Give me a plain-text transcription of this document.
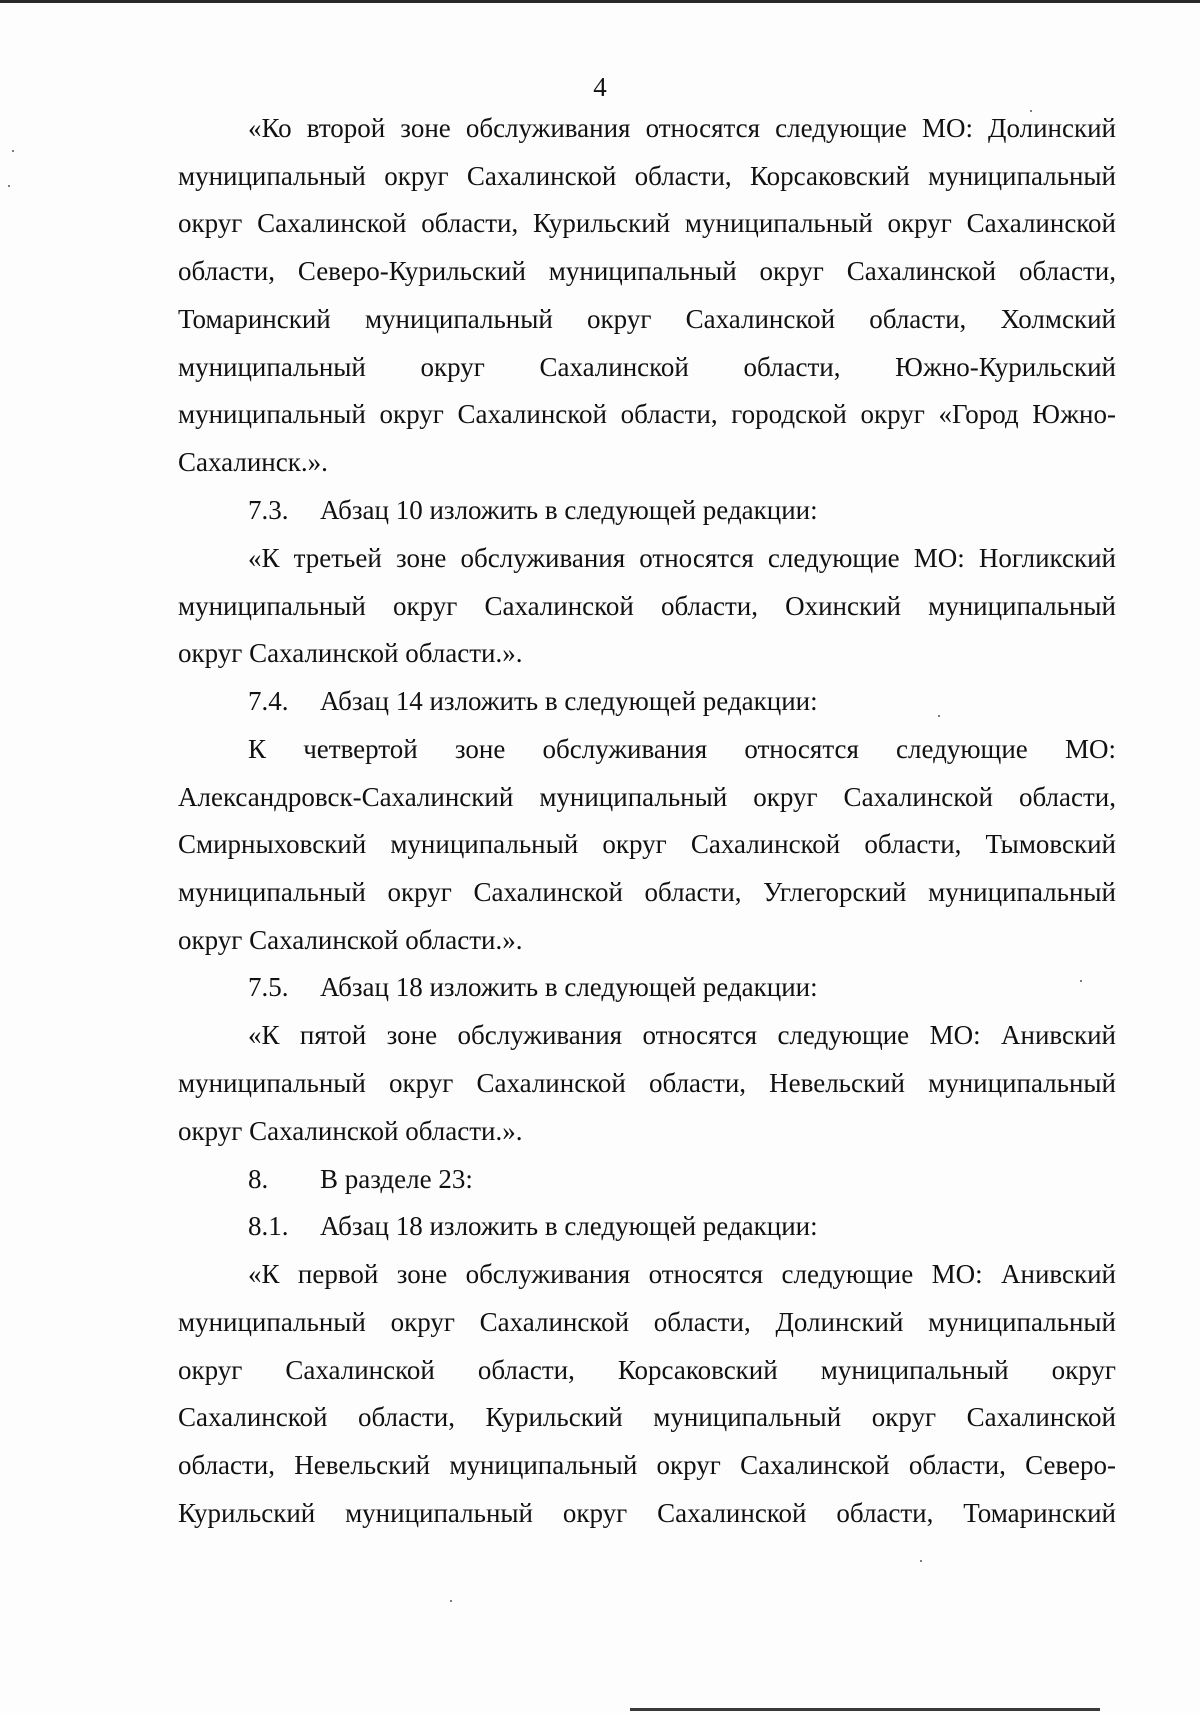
4
«Ко второй зоне обслуживания относятся следующие МО: Долинский
муниципальный округ Сахалинской области, Корсаковский муниципальный
округ Сахалинской области, Курильский муниципальный округ Сахалинской
области, Северо-Курильский муниципальный округ Сахалинской области,
Томаринский муниципальный округ Сахалинской области, Холмский
муниципальный округ Сахалинской области, Южно-Курильский
муниципальный округ Сахалинской области, городской округ «Город Южно-
Сахалинск.».
7.3. Абзац 10 изложить в следующей редакции:
«К третьей зоне обслуживания относятся следующие МО: Ногликский
муниципальный округ Сахалинской области, Охинский муниципальный
округ Сахалинской области.».
7.4. Абзац 14 изложить в следующей редакции:
К четвертой зоне обслуживания относятся следующие МО:
Александровск-Сахалинский муниципальный округ Сахалинской области,
Смирныховский муниципальный округ Сахалинской области, Тымовский
муниципальный округ Сахалинской области, Углегорский муниципальный
округ Сахалинской области.».
7.5. Абзац 18 изложить в следующей редакции:
«К пятой зоне обслуживания относятся следующие МО: Анивский
муниципальный округ Сахалинской области, Невельский муниципальный
округ Сахалинской области.».
8. В разделе 23:
8.1. Абзац 18 изложить в следующей редакции:
«К первой зоне обслуживания относятся следующие МО: Анивский
муниципальный округ Сахалинской области, Долинский муниципальный
округ Сахалинской области, Корсаковский муниципальный округ
Сахалинской области, Курильский муниципальный округ Сахалинской
области, Невельский муниципальный округ Сахалинской области, Северо-
Курильский муниципальный округ Сахалинской области, Томаринский
